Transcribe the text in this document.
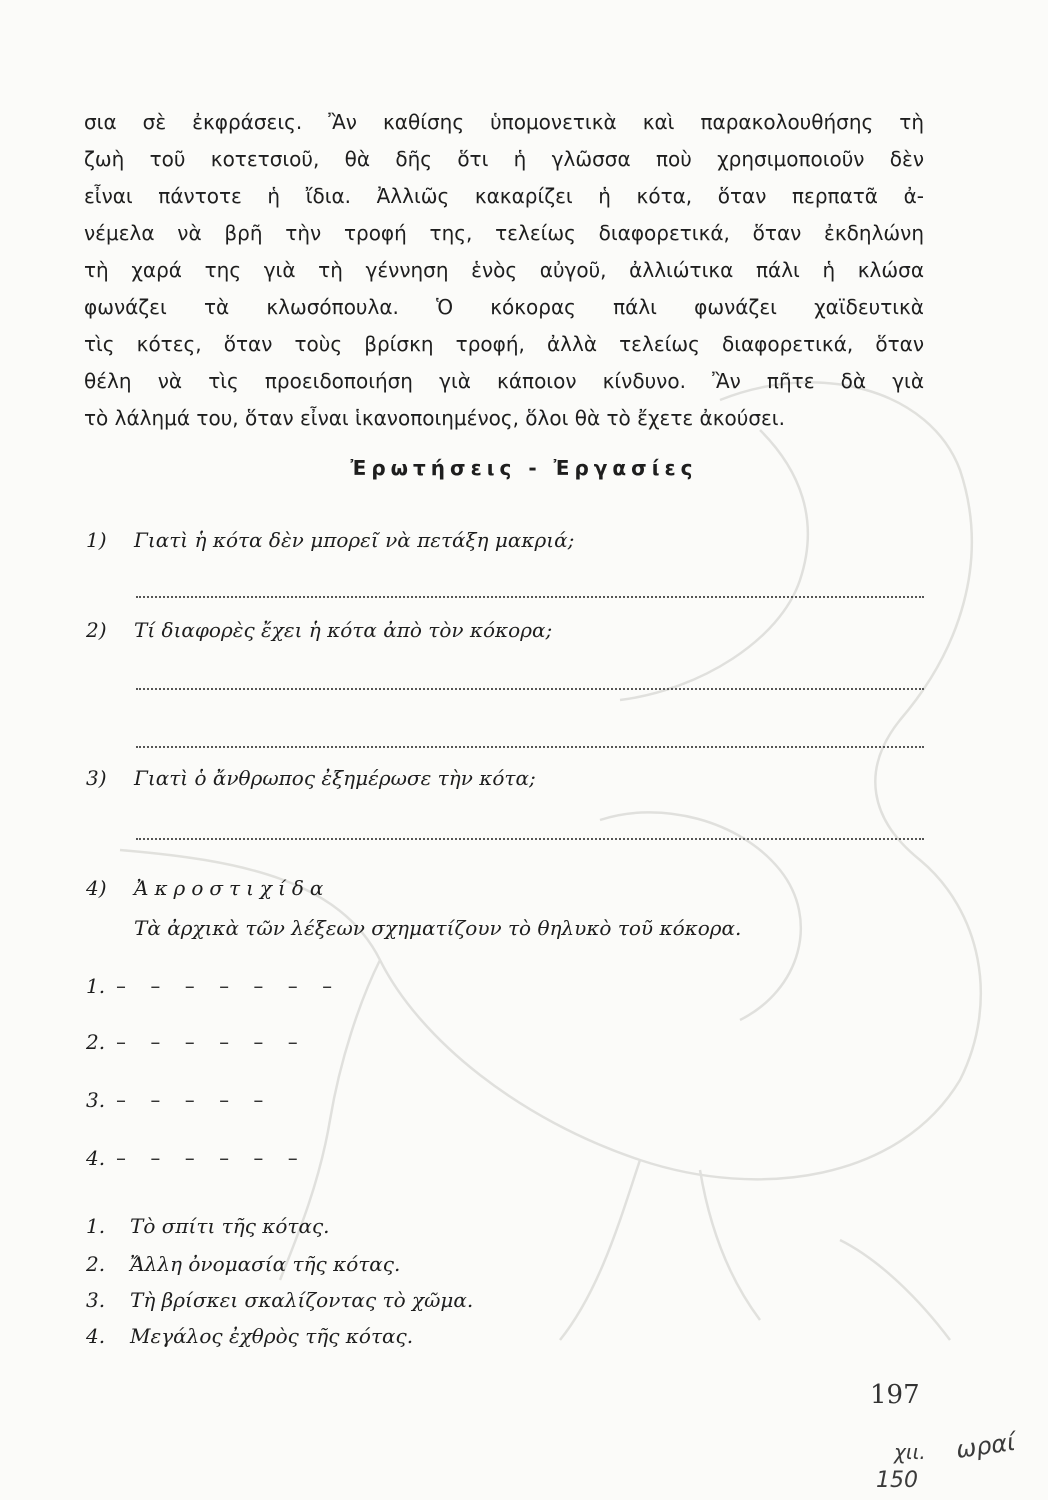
σια σὲ ἐκφράσεις. Ἂν καθίσης ὑπομονετικὰ καὶ παρακολουθήσης τὴ
ζωὴ τοῦ κοτετσιοῦ, θὰ δῆς ὅτι ἡ γλῶσσα ποὺ χρησιμοποιοῦν δὲν
εἶναι πάντοτε ἡ ἴδια. Ἀλλιῶς κακαρίζει ἡ κότα, ὅταν περπατᾶ ἀ-
νέμελα νὰ βρῆ τὴν τροφή της, τελείως διαφορετικά, ὅταν ἐκδηλώνη
τὴ χαρά της γιὰ τὴ γέννηση ἑνὸς αὐγοῦ, ἀλλιώτικα πάλι ἡ κλώσα
φωνάζει τὰ κλωσόπουλα. Ὁ κόκορας πάλι φωνάζει χαϊδευτικὰ
τὶς κότες, ὅταν τοὺς βρίσκη τροφή, ἀλλὰ τελείως διαφορετικά, ὅταν
θέλη νὰ τὶς προειδοποιήση γιὰ κάποιον κίνδυνο. Ἂν πῆτε δὰ γιὰ
τὸ λάλημά του, ὅταν εἶναι ἱκανοποιημένος, ὅλοι θὰ τὸ ἔχετε ἀκούσει.
Ἐρωτήσεις - Ἐργασίες
1) Γιατὶ ἡ κότα δὲν μπορεῖ νὰ πετάξη μακριά;
2) Τί διαφορὲς ἔχει ἡ κότα ἀπὸ τὸν κόκορα;
3) Γιατὶ ὁ ἄνθρωπος ἐξημέρωσε τὴν κότα;
4) Ἀκροστιχίδα
Τὰ ἀρχικὰ τῶν λέξεων σχηματίζουν τὸ θηλυκὸ τοῦ κόκορα.
1. – – – – – – –
2. – – – – – –
3. – – – – –
4. – – – – – –
1. Τὸ σπίτι τῆς κότας.
2. Ἄλλη ὀνομασία τῆς κότας.
3. Τὴ βρίσκει σκαλίζοντας τὸ χῶμα.
4. Μεγάλος ἐχθρὸς τῆς κότας.
197
χιι.
150
ωραί
